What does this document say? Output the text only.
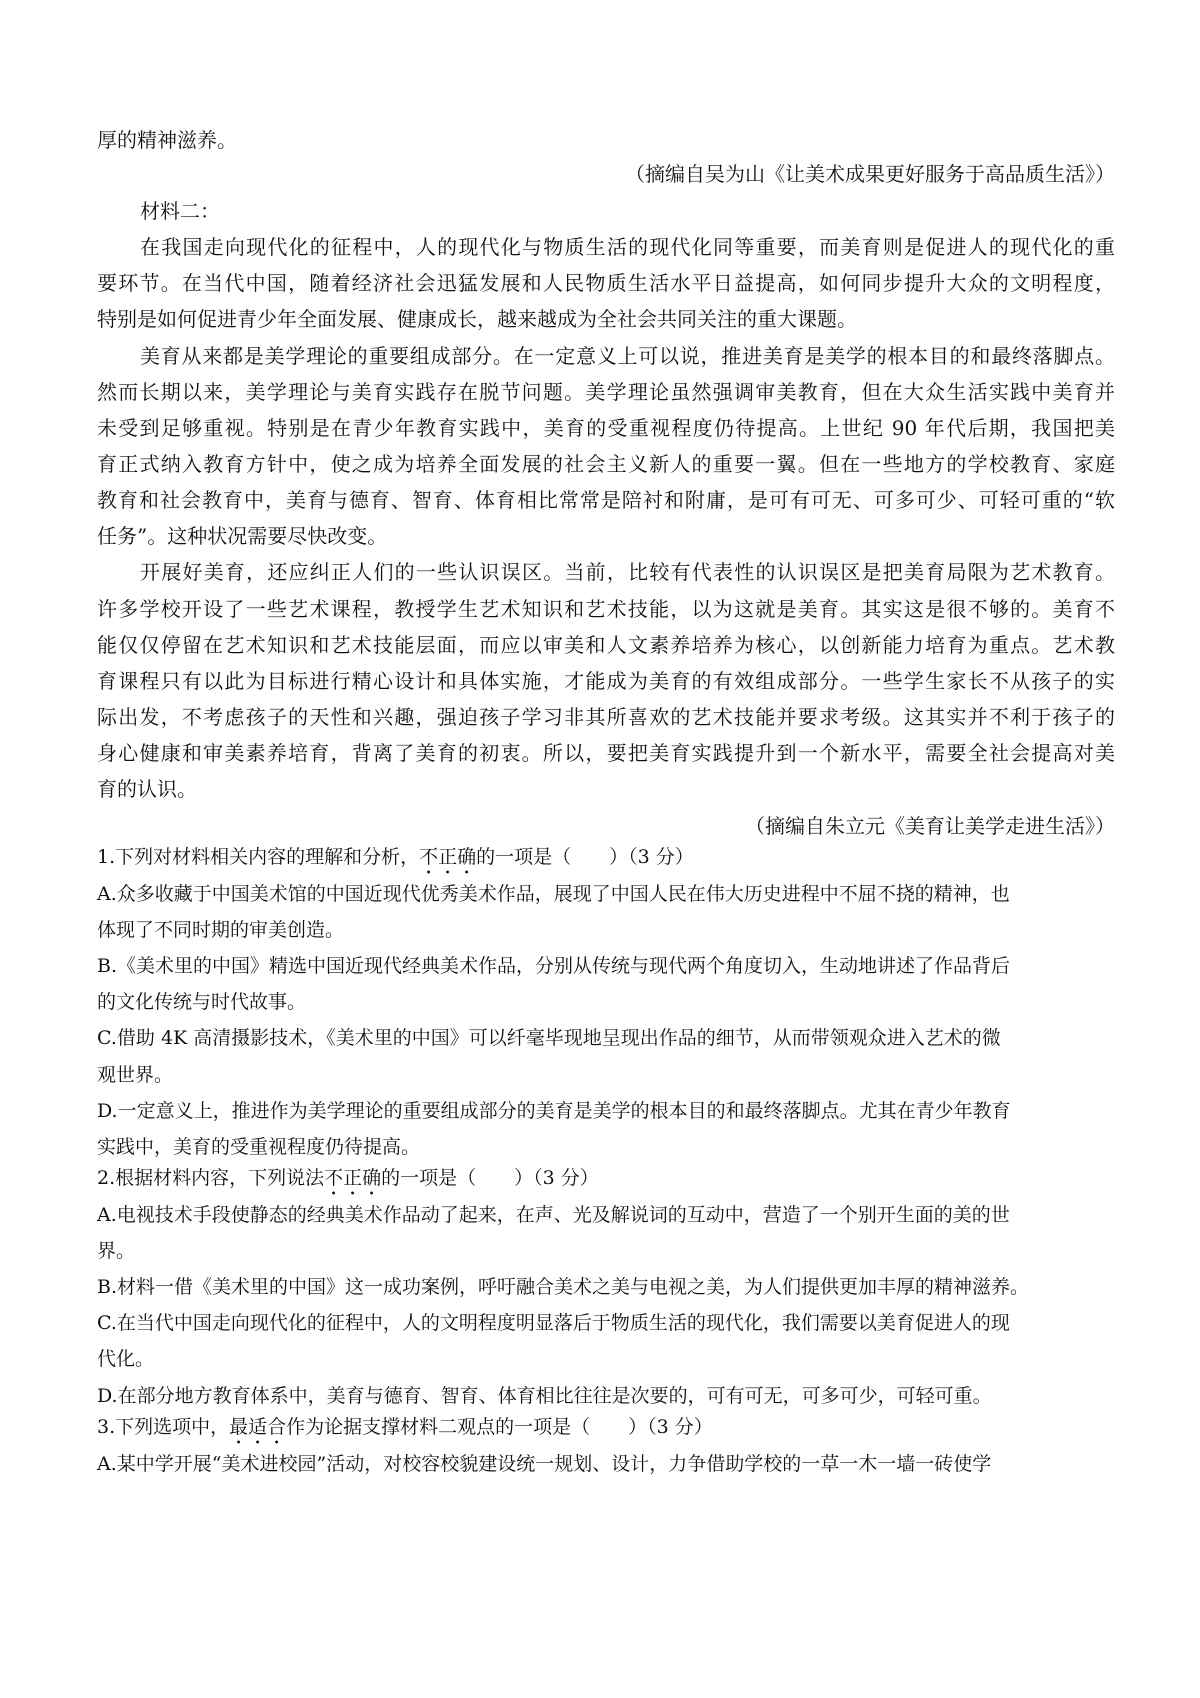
厚的精神滋养。
（摘编自吴为山《让美术成果更好服务于高品质生活》）
材料二：
在我国走向现代化的征程中，人的现代化与物质生活的现代化同等重要，而美育则是促进人的现代化的重
要环节。在当代中国，随着经济社会迅猛发展和人民物质生活水平日益提高，如何同步提升大众的文明程度，
特别是如何促进青少年全面发展、健康成长，越来越成为全社会共同关注的重大课题。
美育从来都是美学理论的重要组成部分。在一定意义上可以说，推进美育是美学的根本目的和最终落脚点。
然而长期以来，美学理论与美育实践存在脱节问题。美学理论虽然强调审美教育，但在大众生活实践中美育并
未受到足够重视。特别是在青少年教育实践中，美育的受重视程度仍待提高。上世纪 90 年代后期，我国把美
育正式纳入教育方针中，使之成为培养全面发展的社会主义新人的重要一翼。但在一些地方的学校教育、家庭
教育和社会教育中，美育与德育、智育、体育相比常常是陪衬和附庸，是可有可无、可多可少、可轻可重的“软
任务”。这种状况需要尽快改变。
开展好美育，还应纠正人们的一些认识误区。当前，比较有代表性的认识误区是把美育局限为艺术教育。
许多学校开设了一些艺术课程，教授学生艺术知识和艺术技能，以为这就是美育。其实这是很不够的。美育不
能仅仅停留在艺术知识和艺术技能层面，而应以审美和人文素养培养为核心，以创新能力培育为重点。艺术教
育课程只有以此为目标进行精心设计和具体实施，才能成为美育的有效组成部分。一些学生家长不从孩子的实
际出发，不考虑孩子的天性和兴趣，强迫孩子学习非其所喜欢的艺术技能并要求考级。这其实并不利于孩子的
身心健康和审美素养培育，背离了美育的初衷。所以，要把美育实践提升到一个新水平，需要全社会提高对美
育的认识。
（摘编自朱立元《美育让美学走进生活》）
1.下列对材料相关内容的理解和分析，不正确的一项是（　　）（3 分）
A.众多收藏于中国美术馆的中国近现代优秀美术作品，展现了中国人民在伟大历史进程中不屈不挠的精神，也
体现了不同时期的审美创造。
B.《美术里的中国》精选中国近现代经典美术作品，分别从传统与现代两个角度切入，生动地讲述了作品背后
的文化传统与时代故事。
C.借助 4K 高清摄影技术，《美术里的中国》可以纤毫毕现地呈现出作品的细节，从而带领观众进入艺术的微
观世界。
D.一定意义上，推进作为美学理论的重要组成部分的美育是美学的根本目的和最终落脚点。尤其在青少年教育
实践中，美育的受重视程度仍待提高。
2.根据材料内容，下列说法不正确的一项是（　　）（3 分）
A.电视技术手段使静态的经典美术作品动了起来，在声、光及解说词的互动中，营造了一个别开生面的美的世
界。
B.材料一借《美术里的中国》这一成功案例，呼吁融合美术之美与电视之美，为人们提供更加丰厚的精神滋养。
C.在当代中国走向现代化的征程中，人的文明程度明显落后于物质生活的现代化，我们需要以美育促进人的现
代化。
D.在部分地方教育体系中，美育与德育、智育、体育相比往往是次要的，可有可无，可多可少，可轻可重。
3.下列选项中，最适合作为论据支撑材料二观点的一项是（　　）（3 分）
A.某中学开展“美术进校园”活动，对校容校貌建设统一规划、设计，力争借助学校的一草一木一墙一砖使学
